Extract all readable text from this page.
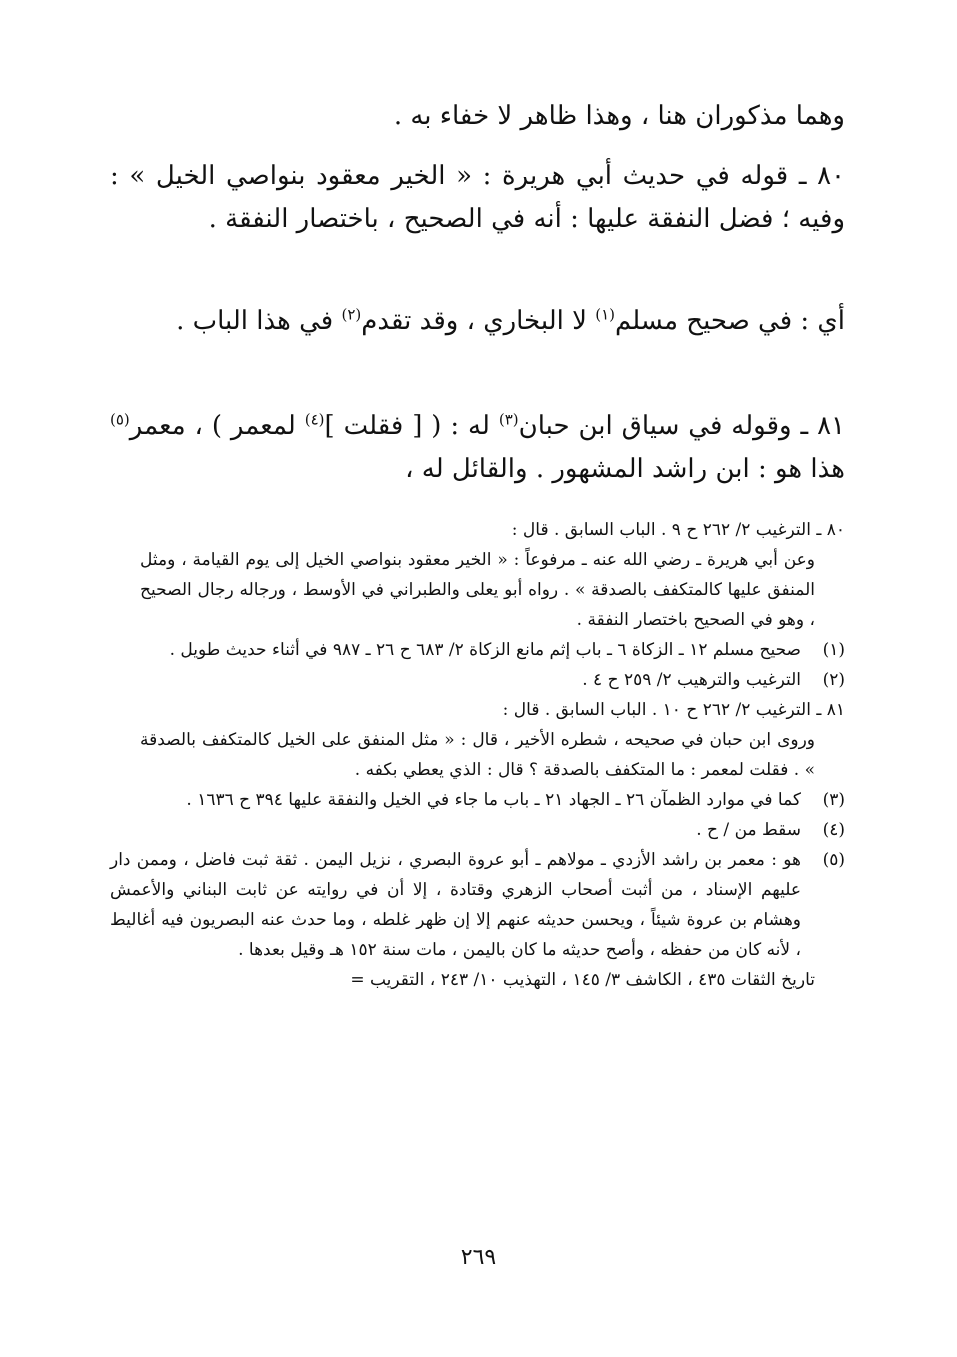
وهما مذكوران هنا ، وهذا ظاهر لا خفاء به .

٨٠ ـ قوله في حديث أبي هريرة : « الخير معقود بنواصي الخيل » : وفيه ؛ فضل النفقة عليها : أنه في الصحيح ، باختصار النفقة .

أي : في صحيح مسلم$^{(١)}$ لا البخاري ، وقد تقدم$^{(٢)}$ في هذا الباب .

٨١ ـ وقوله في سياق ابن حبان$^{(٣)}$ له : ( [ فقلت ]$^{(٤)}$ لمعمر ) ، معمر$^{(٥)}$ هذا هو : ابن راشد المشهور . والقائل له ،

٨٠ ـ الترغيب ٢/ ٢٦٢ ح ٩ . الباب السابق . قال :

وعن أبي هريرة ـ رضي الله عنه ـ مرفوعاً : « الخير معقود بنواصي الخيل إلى يوم القيامة ، ومثل المنفق عليها كالمتكفف بالصدقة » . رواه أبو يعلى والطبراني في الأوسط ، ورجاله رجال الصحيح ، وهو في الصحيح باختصار النفقة .

(١)
صحيح مسلم ١٢ ـ الزكاة ٦ ـ باب إثم مانع الزكاة ٢/ ٦٨٣ ح ٢٦ ـ ٩٨٧ في أثناء حديث طويل .

(٢)
الترغيب والترهيب ٢/ ٢٥٩ ح ٤ .

٨١ ـ الترغيب ٢/ ٢٦٢ ح ١٠ . الباب السابق . قال :

وروى ابن حبان في صحيحه ، شطره الأخير ، قال : « مثل المنفق على الخيل كالمتكفف بالصدقة » . فقلت لمعمر : ما المتكفف بالصدقة ؟ قال : الذي يعطي بكفه .

(٣)
كما في موارد الظمآن ٢٦ ـ الجهاد ٢١ ـ باب ما جاء في الخيل والنفقة عليها ٣٩٤ ح ١٦٣٦ .

(٤)
سقط من / ح .

(٥)
هو : معمر بن راشد الأزدي ـ مولاهم ـ أبو عروة البصري ، نزيل اليمن . ثقة ثبت فاضل ، وممن دار عليهم الإسناد ، من أثبت أصحاب الزهري وقتادة ، إلا أن في روايته عن ثابت البناني والأعمش وهشام بن عروة شيئاً ، ويحسن حديثه عنهم إلا إن ظهر غلطه ، وما حدث عنه البصريون فيه أغاليط ، لأنه كان من حفظه ، وأصح حديثه ما كان باليمن ، مات سنة ١٥٢ هـ وقيل بعدها .

تاريخ الثقات ٤٣٥ ، الكاشف ٣/ ١٤٥ ، التهذيب ١٠/ ٢٤٣ ، التقريب =

٢٦٩
